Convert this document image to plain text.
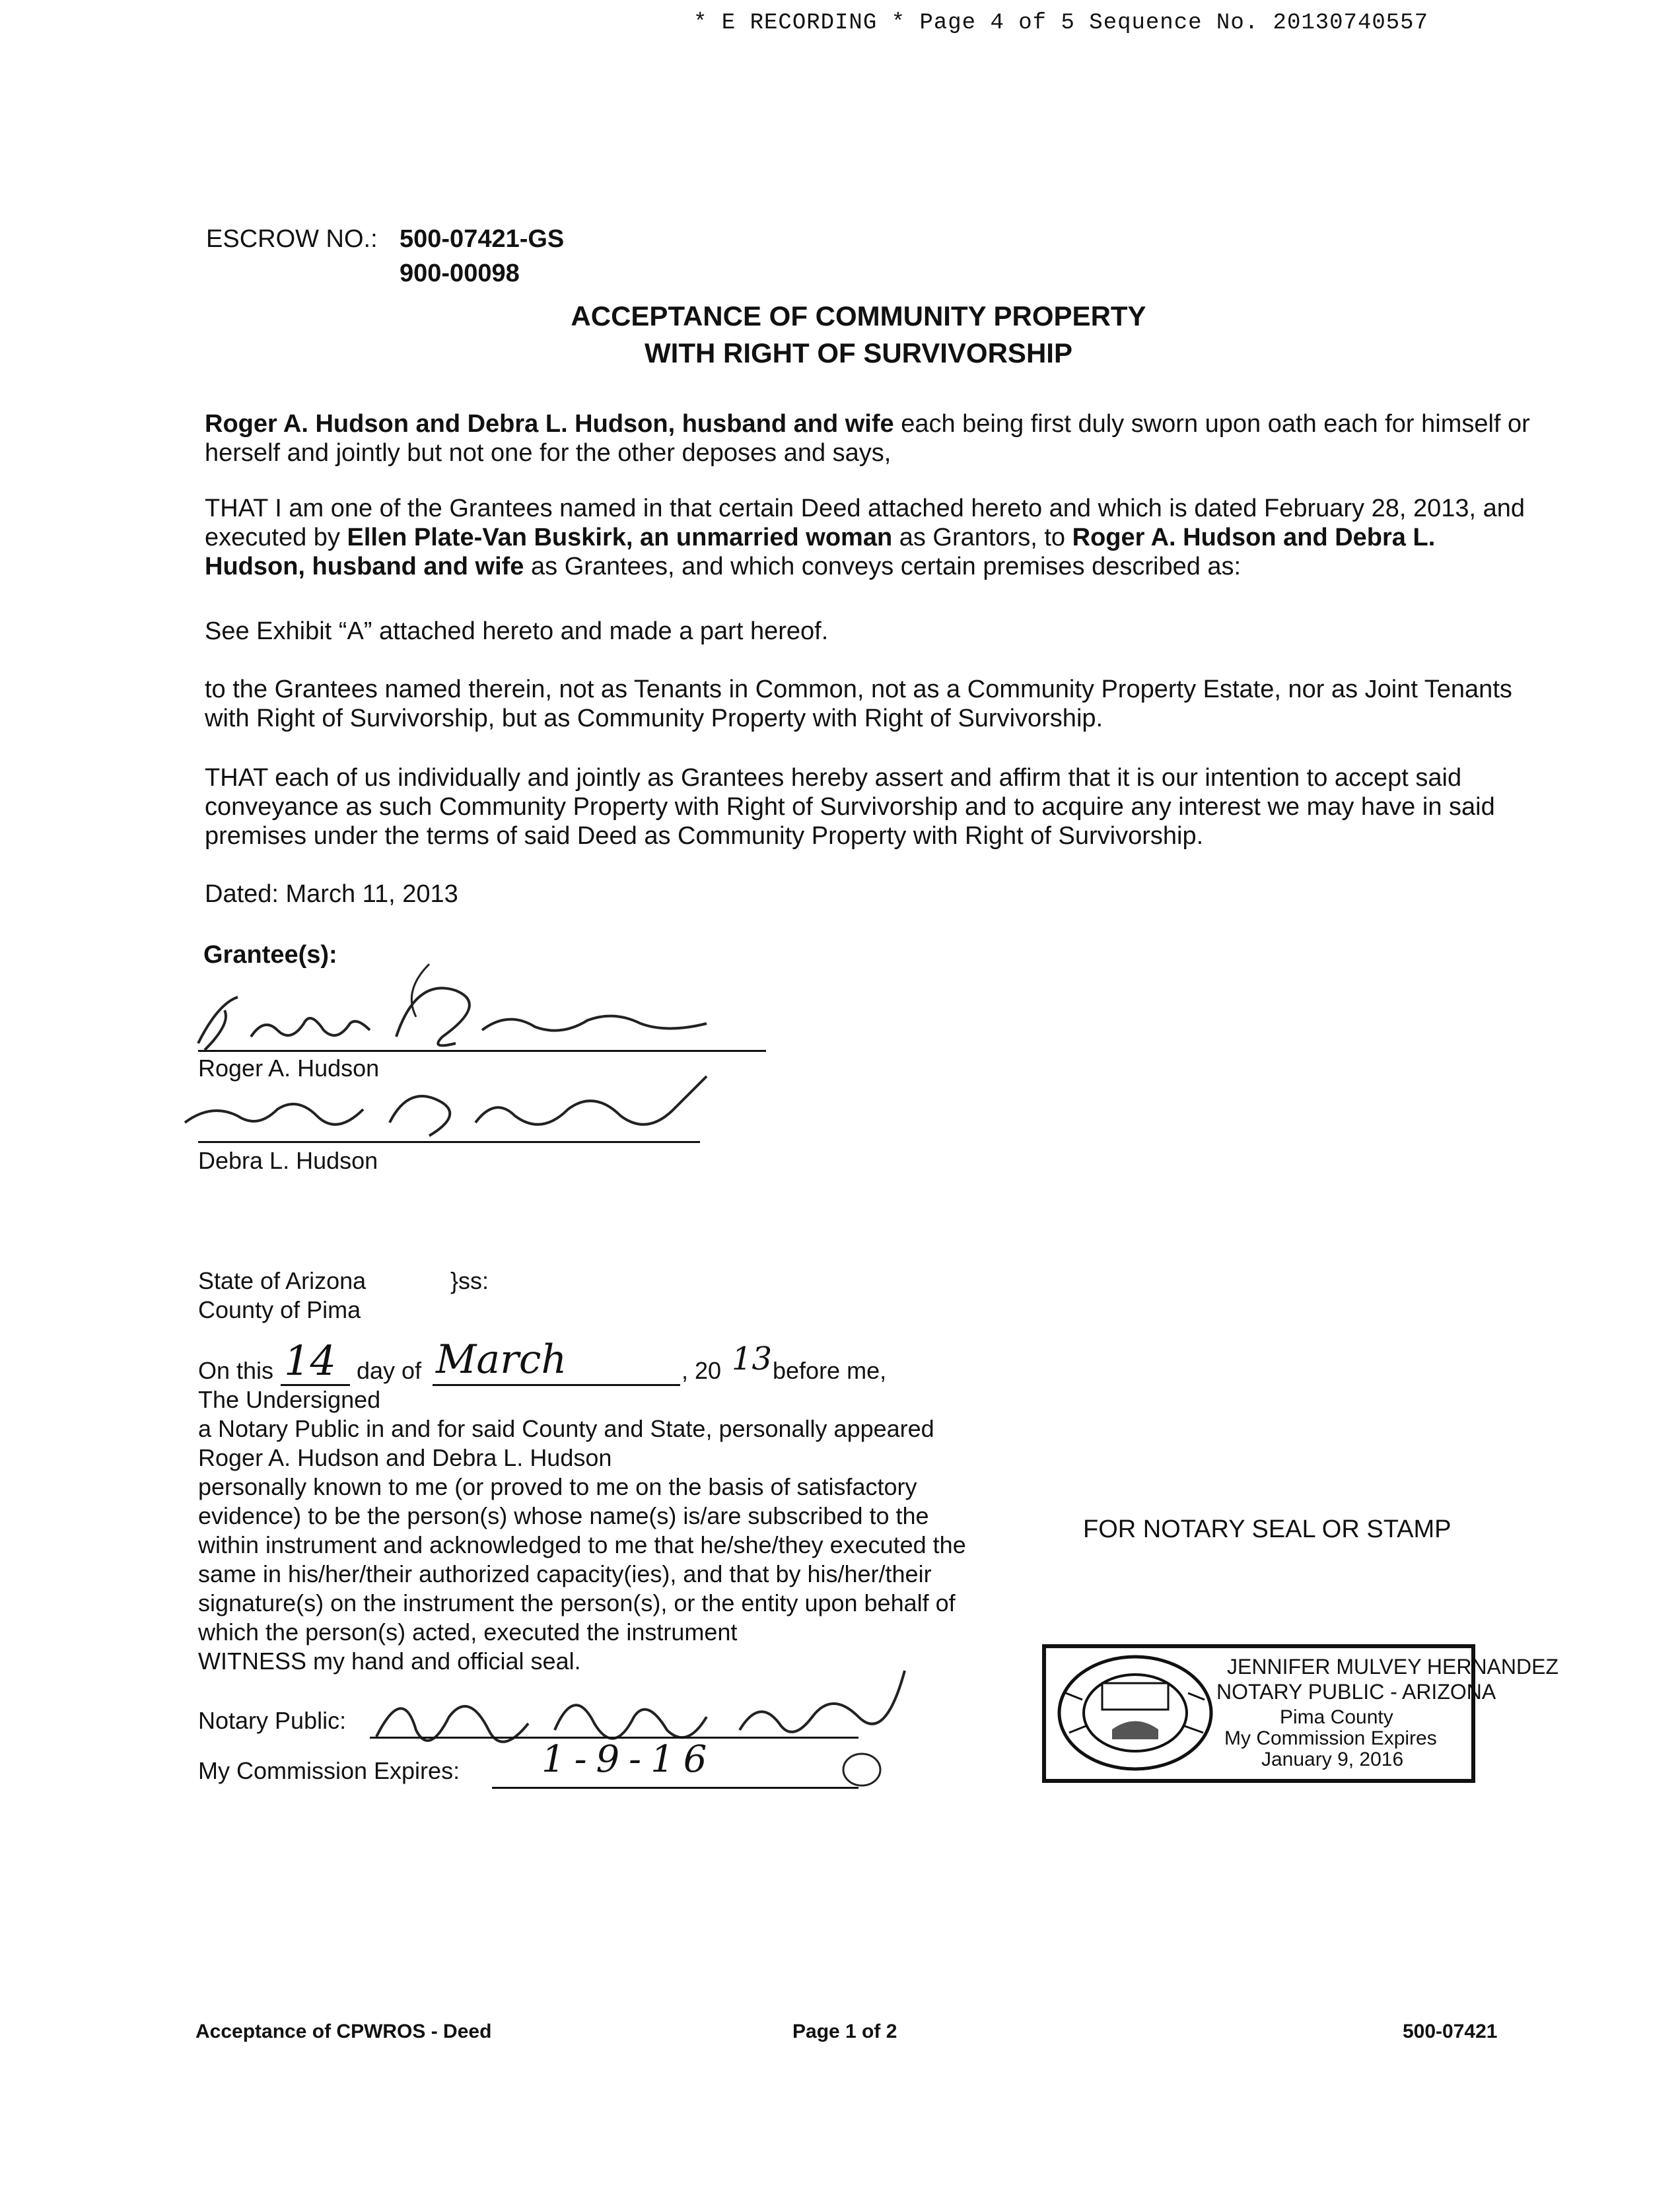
* E RECORDING * Page 4 of 5 Sequence No. 20130740557
ESCROW NO.: 500-07421-GS
900-00098
ACCEPTANCE OF COMMUNITY PROPERTY
WITH RIGHT OF SURVIVORSHIP
Roger A. Hudson and Debra L. Hudson, husband and wife each being first duly sworn upon oath each for himself or herself and jointly but not one for the other deposes and says,
THAT I am one of the Grantees named in that certain Deed attached hereto and which is dated February 28, 2013, and executed by Ellen Plate-Van Buskirk, an unmarried woman as Grantors, to Roger A. Hudson and Debra L. Hudson, husband and wife as Grantees, and which conveys certain premises described as:
See Exhibit “A” attached hereto and made a part hereof.
to the Grantees named therein, not as Tenants in Common, not as a Community Property Estate, nor as Joint Tenants with Right of Survivorship, but as Community Property with Right of Survivorship.
THAT each of us individually and jointly as Grantees hereby assert and affirm that it is our intention to accept said conveyance as such Community Property with Right of Survivorship and to acquire any interest we may have in said premises under the terms of said Deed as Community Property with Right of Survivorship.
Dated: March 11, 2013
Grantee(s):
Roger A. Hudson
Debra L. Hudson
State of Arizona	}ss:
County of Pima
On this 14 day of March	, 20 13 before me,
The Undersigned
a Notary Public in and for said County and State, personally appeared
Roger A. Hudson and Debra L. Hudson
personally known to me (or proved to me on the basis of satisfactory
evidence) to be the person(s) whose name(s) is/are subscribed to the
within instrument and acknowledged to me that he/she/they executed the
same in his/her/their authorized capacity(ies), and that by his/her/their
signature(s) on the instrument the person(s), or the entity upon behalf of
which the person(s) acted, executed the instrument
WITNESS my hand and official seal.
Notary Public:
My Commission Expires: 1-9-16
FOR NOTARY SEAL OR STAMP
JENNIFER MULVEY HERNANDEZ
NOTARY PUBLIC - ARIZONA
Pima County
My Commission Expires
January 9, 2016
Acceptance of CPWROS - Deed	Page 1 of 2	500-07421
